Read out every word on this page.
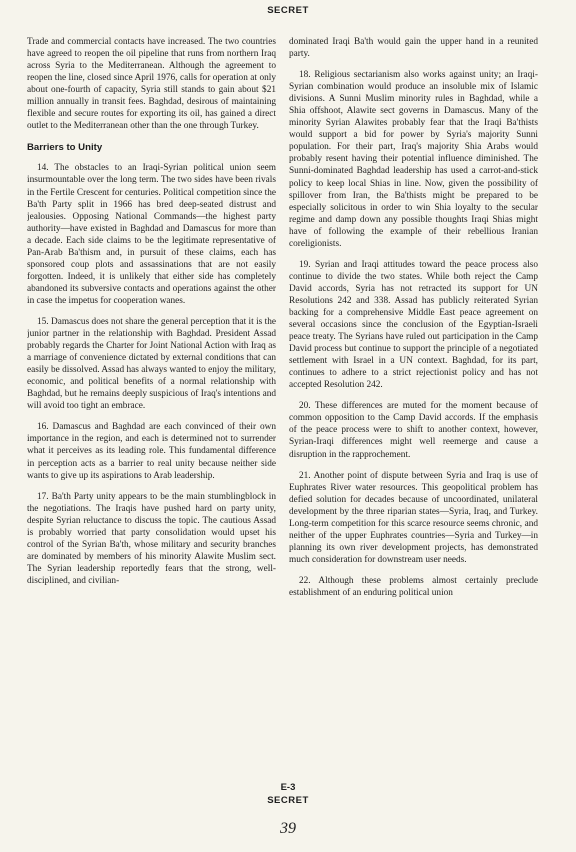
SECRET

Trade and commercial contacts have increased. The two countries have agreed to reopen the oil pipeline that runs from northern Iraq across Syria to the Mediterranean. Although the agreement to reopen the line, closed since April 1976, calls for operation at only about one-fourth of capacity, Syria still stands to gain about $21 million annually in transit fees. Baghdad, desirous of maintaining flexible and secure routes for exporting its oil, has gained a direct outlet to the Mediterranean other than the one through Turkey.

Barriers to Unity

14. The obstacles to an Iraqi-Syrian political union seem insurmountable over the long term. The two sides have been rivals in the Fertile Crescent for centuries. Political competition since the Ba'th Party split in 1966 has bred deep-seated distrust and jealousies. Opposing National Commands—the highest party authority—have existed in Baghdad and Damascus for more than a decade. Each side claims to be the legitimate representative of Pan-Arab Ba'thism and, in pursuit of these claims, each has sponsored coup plots and assassinations that are not easily forgotten. Indeed, it is unlikely that either side has completely abandoned its subversive contacts and operations against the other in case the impetus for cooperation wanes.

15. Damascus does not share the general perception that it is the junior partner in the relationship with Baghdad. President Assad probably regards the Charter for Joint National Action with Iraq as a marriage of convenience dictated by external conditions that can easily be dissolved. Assad has always wanted to enjoy the military, economic, and political benefits of a normal relationship with Baghdad, but he remains deeply suspicious of Iraq's intentions and will avoid too tight an embrace.

16. Damascus and Baghdad are each convinced of their own importance in the region, and each is determined not to surrender what it perceives as its leading role. This fundamental difference in perception acts as a barrier to real unity because neither side wants to give up its aspirations to Arab leadership.

17. Ba'th Party unity appears to be the main stumblingblock in the negotiations. The Iraqis have pushed hard on party unity, despite Syrian reluctance to discuss the topic. The cautious Assad is probably worried that party consolidation would upset his control of the Syrian Ba'th, whose military and security branches are dominated by members of his minority Alawite Muslim sect. The Syrian leadership reportedly fears that the strong, well-disciplined, and civilian-

dominated Iraqi Ba'th would gain the upper hand in a reunited party.

18. Religious sectarianism also works against unity; an Iraqi-Syrian combination would produce an insoluble mix of Islamic divisions. A Sunni Muslim minority rules in Baghdad, while a Shia offshoot, Alawite sect governs in Damascus. Many of the minority Syrian Alawites probably fear that the Iraqi Ba'thists would support a bid for power by Syria's majority Sunni population. For their part, Iraq's majority Shia Arabs would probably resent having their potential influence diminished. The Sunni-dominated Baghdad leadership has used a carrot-and-stick policy to keep local Shias in line. Now, given the possibility of spillover from Iran, the Ba'thists might be prepared to be especially solicitous in order to win Shia loyalty to the secular regime and damp down any possible thoughts Iraqi Shias might have of following the example of their rebellious Iranian coreligionists.

19. Syrian and Iraqi attitudes toward the peace process also continue to divide the two states. While both reject the Camp David accords, Syria has not retracted its support for UN Resolutions 242 and 338. Assad has publicly reiterated Syrian backing for a comprehensive Middle East peace agreement on several occasions since the conclusion of the Egyptian-Israeli peace treaty. The Syrians have ruled out participation in the Camp David process but continue to support the principle of a negotiated settlement with Israel in a UN context. Baghdad, for its part, continues to adhere to a strict rejectionist policy and has not accepted Resolution 242.

20. These differences are muted for the moment because of common opposition to the Camp David accords. If the emphasis of the peace process were to shift to another context, however, Syrian-Iraqi differences might well reemerge and cause a disruption in the rapprochement.

21. Another point of dispute between Syria and Iraq is use of Euphrates River water resources. This geopolitical problem has defied solution for decades because of uncoordinated, unilateral development by the three riparian states—Syria, Iraq, and Turkey. Long-term competition for this scarce resource seems chronic, and neither of the upper Euphrates countries—Syria and Turkey—in planning its own river development projects, has demonstrated much consideration for downstream user needs.

22. Although these problems almost certainly preclude establishment of an enduring political union

E-3
SECRET
39
